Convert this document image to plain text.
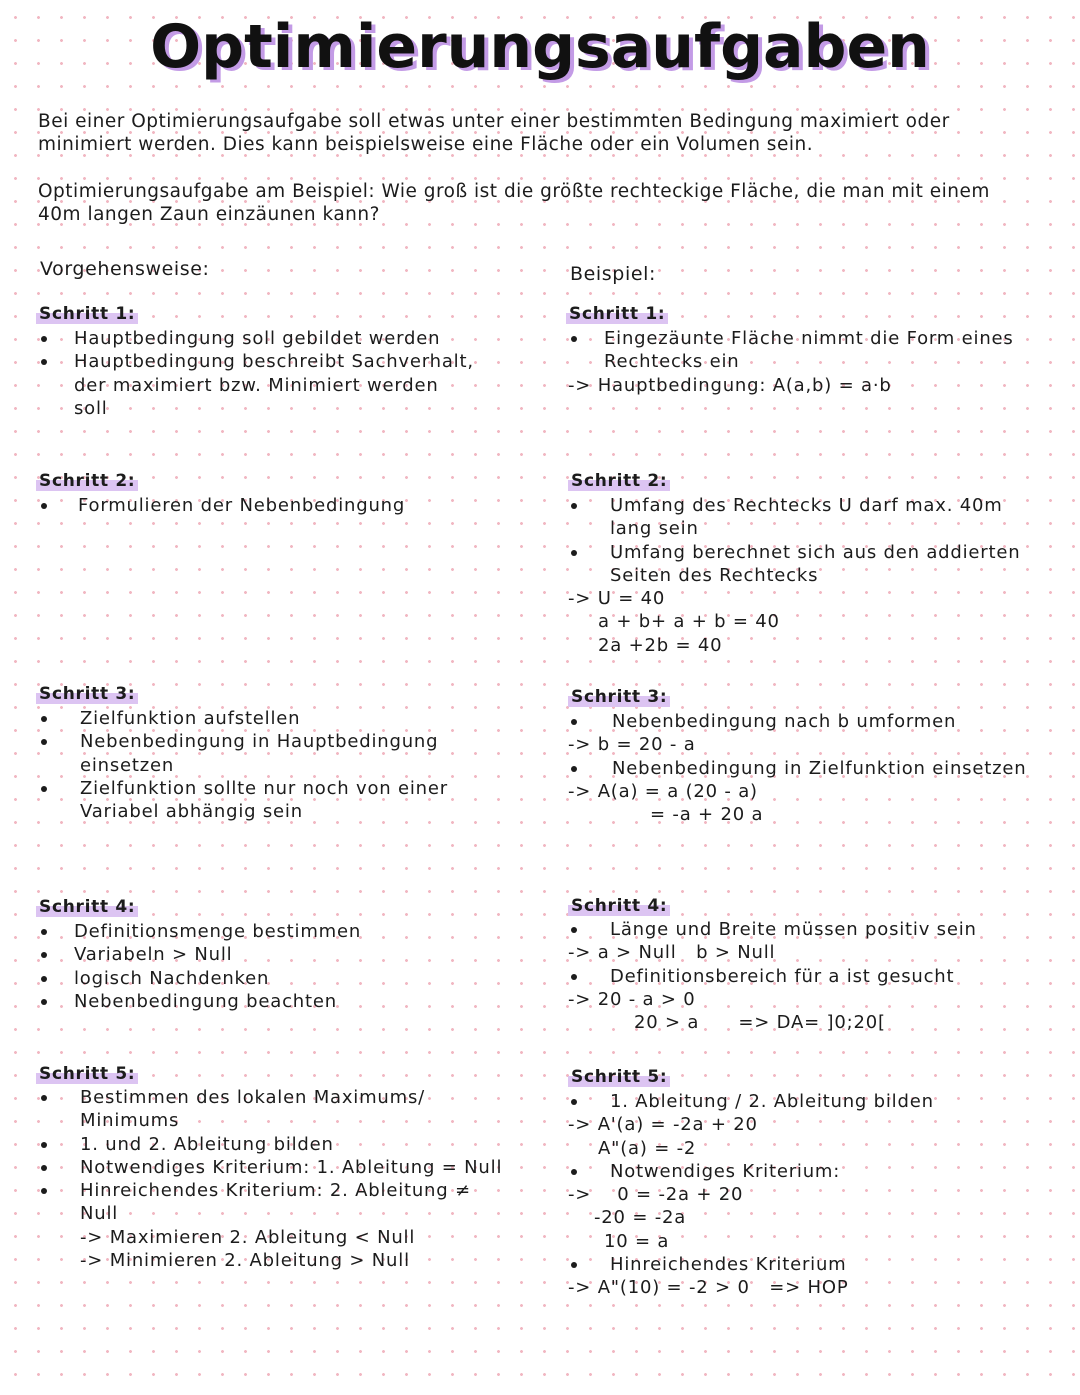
Optimierungsaufgaben
Bei einer Optimierungsaufgabe soll etwas unter einer bestimmten Bedingung maximiert oder minimiert werden. Dies kann beispielsweise eine Fläche oder ein Volumen sein.
Optimierungsaufgabe am Beispiel: Wie groß ist die größte rechteckige Fläche, die man mit einem 40m langen Zaun einzäunen kann?
Vorgehensweise:	Beispiel:
Schritt 1:
Hauptbedingung soll gebildet werden
Hauptbedingung beschreibt Sachverhalt, der maximiert bzw. Minimiert werden soll
Schritt 2:
Formulieren der Nebenbedingung
Schritt 3:
Zielfunktion aufstellen
Nebenbedingung in Hauptbedingung einsetzen
Zielfunktion sollte nur noch von einer Variabel abhängig sein
Schritt 4:
Definitionsmenge bestimmen
Variabeln > Null
logisch Nachdenken
Nebenbedingung beachten
Schritt 5:
Bestimmen des lokalen Maximums/ Minimums
1. und 2. Ableitung bilden
Notwendiges Kriterium: 1. Ableitung = Null
Hinreichendes Kriterium: 2. Ableitung ≠ Null
-> Maximieren 2. Ableitung < Null
-> Minimieren 2. Ableitung > Null
Schritt 1:
Eingezäunte Fläche nimmt die Form eines Rechtecks ein
-> Hauptbedingung: A(a,b) = a·b
Schritt 2:
Umfang des Rechtecks U darf max. 40m lang sein
Umfang berechnet sich aus den addierten Seiten des Rechtecks
-> U = 40
a + b+ a + b = 40
2a +2b = 40
Schritt 3:
Nebenbedingung nach b umformen
-> b = 20 - a
Nebenbedingung in Zielfunktion einsetzen
-> A(a) = a (20 - a)
= -a + 20 a
Schritt 4:
Länge und Breite müssen positiv sein
-> a > Null   b > Null
Definitionsbereich für a ist gesucht
-> 20 - a > 0
20 > a      => DA= ]0;20[
Schritt 5:
1. Ableitung / 2. Ableitung bilden
-> A'(a) = -2a + 20
A"(a) = -2
Notwendiges Kriterium:
->    0 = -2a + 20
-20 = -2a
10 = a
Hinreichendes Kriterium
-> A"(10) = -2 > 0   => HOP
